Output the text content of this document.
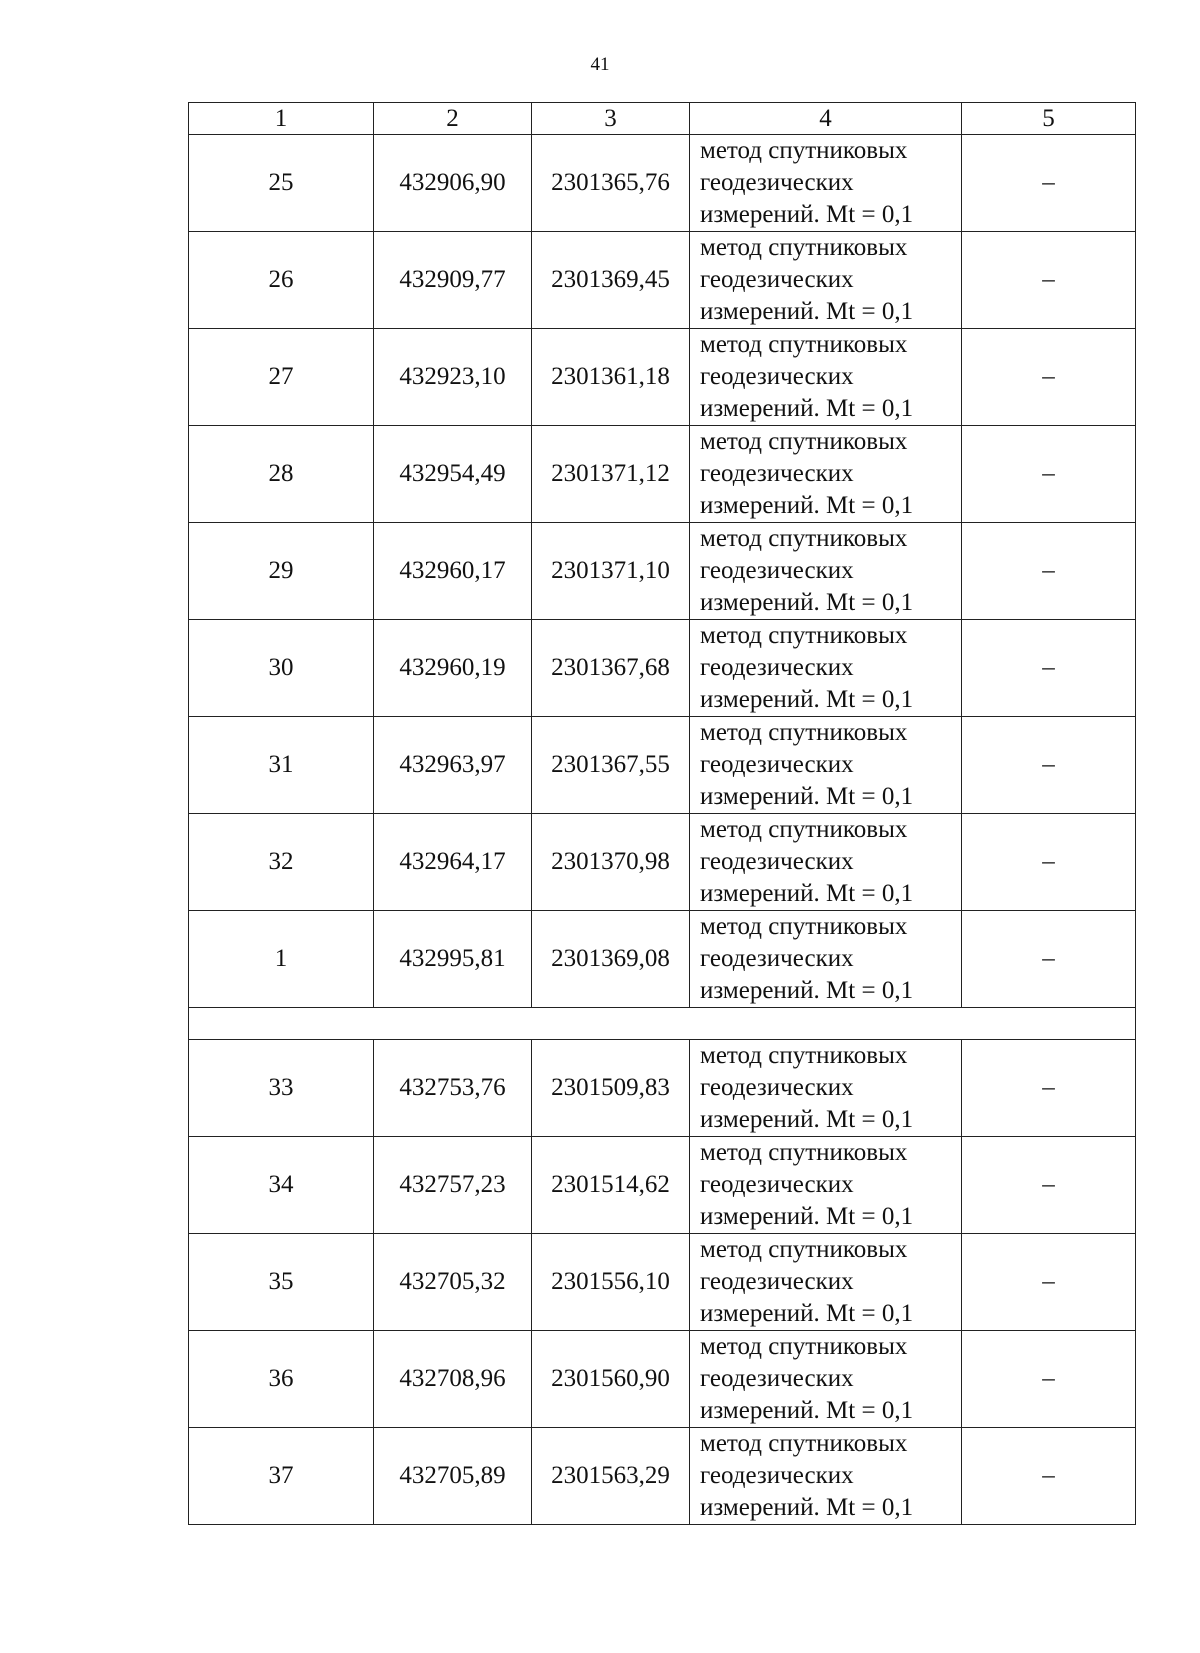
41
1	2	3	4	5
25	432906,90	2301365,76	метод спутниковых
геодезических
измерений. Mt = 0,1	–
26	432909,77	2301369,45	метод спутниковых
геодезических
измерений. Mt = 0,1	–
27	432923,10	2301361,18	метод спутниковых
геодезических
измерений. Mt = 0,1	–
28	432954,49	2301371,12	метод спутниковых
геодезических
измерений. Mt = 0,1	–
29	432960,17	2301371,10	метод спутниковых
геодезических
измерений. Mt = 0,1	–
30	432960,19	2301367,68	метод спутниковых
геодезических
измерений. Mt = 0,1	–
31	432963,97	2301367,55	метод спутниковых
геодезических
измерений. Mt = 0,1	–
32	432964,17	2301370,98	метод спутниковых
геодезических
измерений. Mt = 0,1	–
1	432995,81	2301369,08	метод спутниковых
геодезических
измерений. Mt = 0,1	–

33	432753,76	2301509,83	метод спутниковых
геодезических
измерений. Mt = 0,1	–
34	432757,23	2301514,62	метод спутниковых
геодезических
измерений. Mt = 0,1	–
35	432705,32	2301556,10	метод спутниковых
геодезических
измерений. Mt = 0,1	–
36	432708,96	2301560,90	метод спутниковых
геодезических
измерений. Mt = 0,1	–
37	432705,89	2301563,29	метод спутниковых
геодезических
измерений. Mt = 0,1	–
